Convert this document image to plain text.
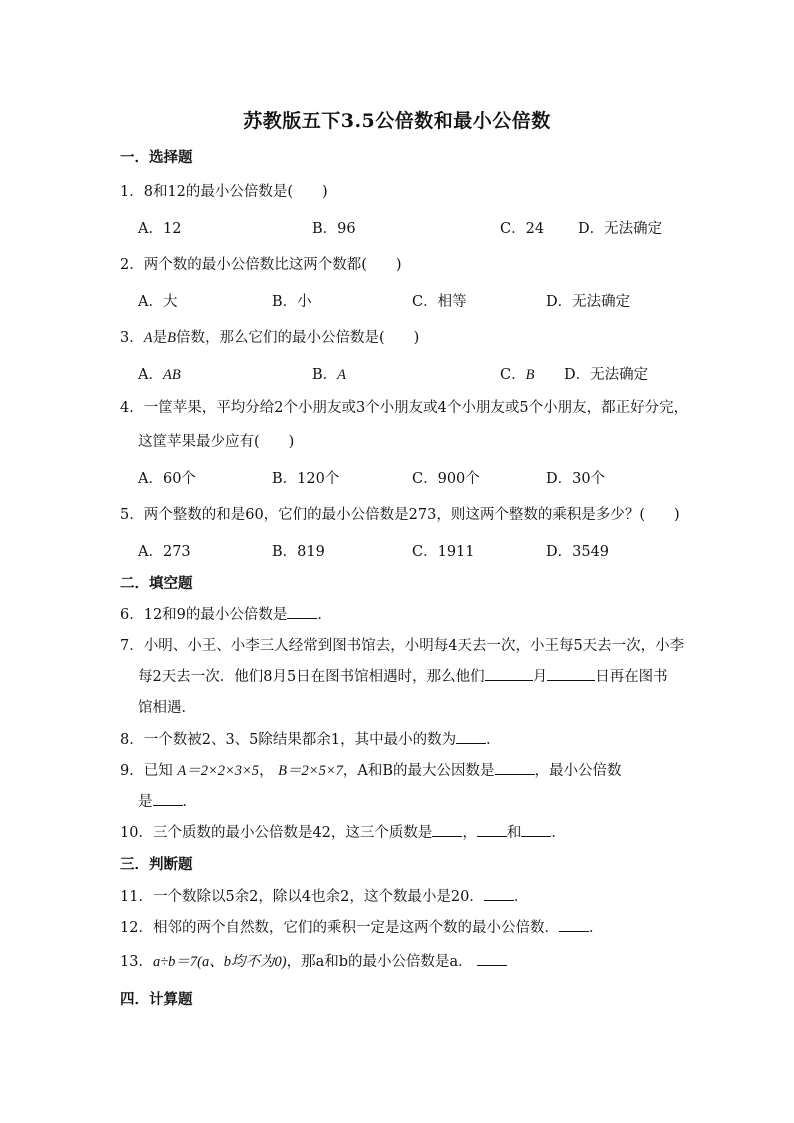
苏教版五下3.5公倍数和最小公倍数
一．选择题
1．8和12的最小公倍数是(　　)
A．12	B．96	C．24 D．无法确定
2．两个数的最小公倍数比这两个数都(　　)
A．大	B．小	C．相等	D．无法确定
3．A是B倍数，那么它们的最小公倍数是(　　)
A．AB	B．A	C．B D．无法确定
4．一筐苹果，平均分给2个小朋友或3个小朋友或4个小朋友或5个小朋友，都正好分完，
这筐苹果最少应有(　　)
A．60个	B．120个	C．900个	D．30个
5．两个整数的和是60，它们的最小公倍数是273，则这两个整数的乘积是多少？(　　)
A．273	B．819	C．1911	D．3549
二．填空题
6．12和9的最小公倍数是 ．
7．小明、小王、小李三人经常到图书馆去，小明每4天去一次，小王每5天去一次，小李
每2天去一次．他们8月5日在图书馆相遇时，那么他们	月	日再在图书
馆相遇．
8．一个数被2、3、5除结果都余1，其中最小的数为 ．
9．已知 A＝2×2×3×5， B＝2×5×7，A和B的最大公因数是	，最小公倍数
是 ．
10．三个质数的最小公倍数是42，这三个质数是 ， 和 ．
三．判断题
11．一个数除以5余2，除以4也余2，这个数最小是20． ．
12．相邻的两个自然数，它们的乘积一定是这两个数的最小公倍数． ．
13．a÷b＝7(a、b均不为0)，那a和b的最小公倍数是a．
四．计算题
